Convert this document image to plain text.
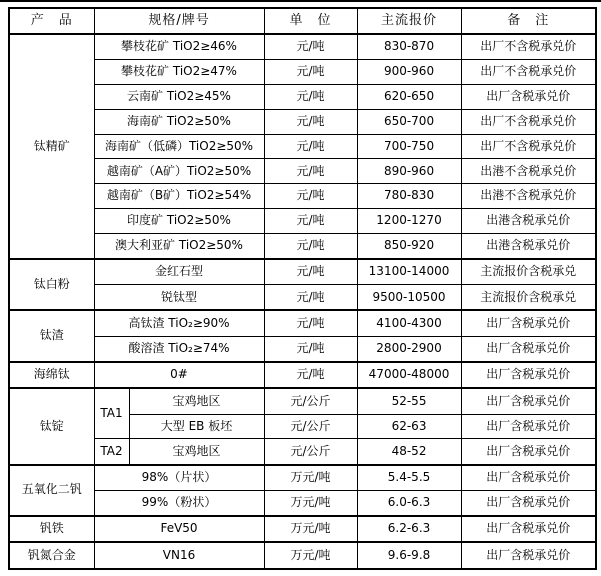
产　品	规格/牌号		单　位	主流报价	备　注
钛精矿	攀枝花矿 TiO2≥46%		元/吨	830-870	出厂不含税承兑价
	攀枝花矿 TiO2≥47%		元/吨	900-960	出厂不含税承兑价
	云南矿 TiO2≥45%		元/吨	620-650	出厂含税承兑价
	海南矿 TiO2≥50%		元/吨	650-700	出厂不含税承兑价
	海南矿（低磷）TiO2≥50%		元/吨	700-750	出厂不含税承兑价
	越南矿（A矿）TiO2≥50%		元/吨	890-960	出港不含税承兑价
	越南矿（B矿）TiO2≥54%		元/吨	780-830	出港不含税承兑价
	印度矿 TiO2≥50%		元/吨	1200-1270	出港含税承兑价
	澳大利亚矿 TiO2≥50%		元/吨	850-920	出港含税承兑价
钛白粉	金红石型		元/吨	13100-14000	主流报价含税承兑
	锐钛型		元/吨	9500-10500	主流报价含税承兑
钛渣	高钛渣 TiO₂≥90%		元/吨	4100-4300	出厂含税承兑价
	酸溶渣 TiO₂≥74%		元/吨	2800-2900	出厂含税承兑价
海绵钛	0#		元/吨	47000-48000	出厂含税承兑价
钛锭	TA1	宝鸡地区	元/公斤	52-55	出厂含税承兑价
		大型 EB 板坯	元/公斤	62-63	出厂含税承兑价
	TA2	宝鸡地区	元/公斤	48-52	出厂含税承兑价
五氧化二钒	98%（片状）		万元/吨	5.4-5.5	出厂含税承兑价
	99%（粉状）		万元/吨	6.0-6.3	出厂含税承兑价
钒铁	FeV50		万元/吨	6.2-6.3	出厂含税承兑价
钒氮合金	VN16		万元/吨	9.6-9.8	出厂含税承兑价
